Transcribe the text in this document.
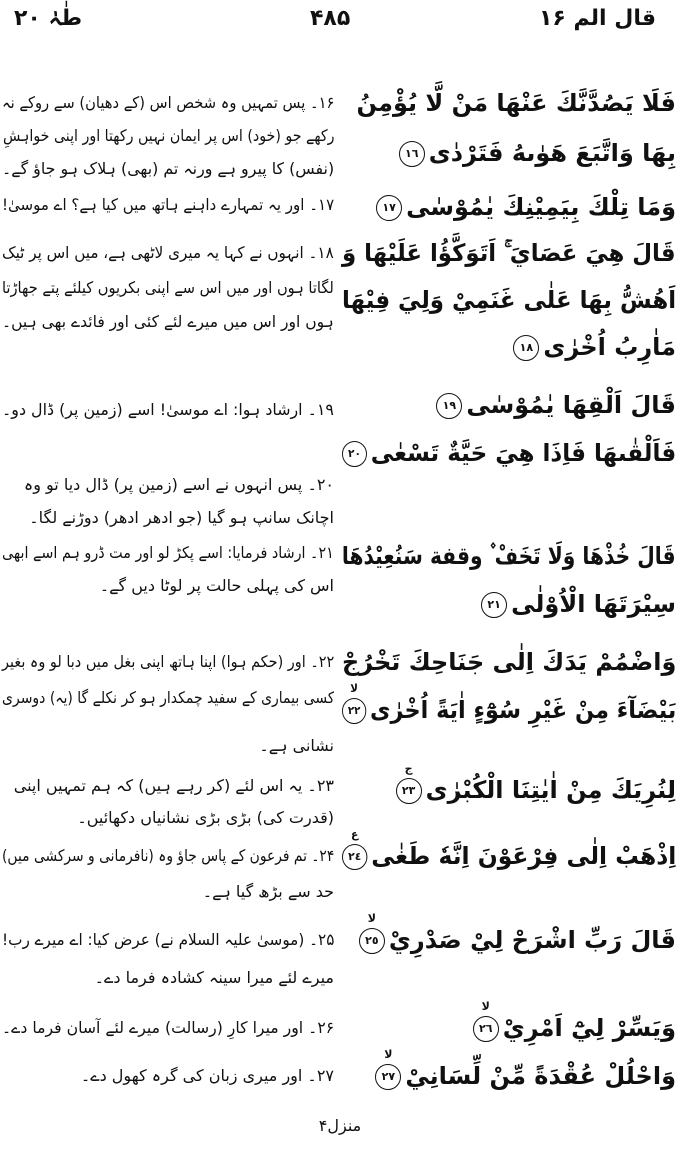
طٰہٰ ۲۰	۴۸۵	قال الم ۱۶
۱۶۔ پس تمہیں وہ شخص اس (کے دھیان) سے روکے نہ
رکھے جو (خود) اس پر ایمان نہیں رکھتا اور اپنی خواہشِ
(نفس) کا پیرو ہے ورنہ تم (بھی) ہلاک ہو جاؤ گے۔
۱۷۔ اور یہ تمہارے داہنے ہاتھ میں کیا ہے؟ اے موسیٰ!
۱۸۔ انہوں نے کہا یہ میری لاٹھی ہے، میں اس پر ٹیک
لگاتا ہوں اور میں اس سے اپنی بکریوں کیلئے پتے جھاڑتا
ہوں اور اس میں میرے لئے کئی اور فائدے بھی ہیں۔
۱۹۔ ارشاد ہوا: اے موسیٰ! اسے (زمین پر) ڈال دو۔
۲۰۔ پس انہوں نے اسے (زمین پر) ڈال دیا تو وہ
اچانک سانپ ہو گیا (جو ادھر ادھر) دوڑنے لگا۔
۲۱۔ ارشاد فرمایا: اسے پکڑ لو اور مت ڈرو ہم اسے ابھی
اس کی پہلی حالت پر لوٹا دیں گے۔
۲۲۔ اور (حکم ہوا) اپنا ہاتھ اپنی بغل میں دبا لو وہ بغیر
کسی بیماری کے سفید چمکدار ہو کر نکلے گا (یہ) دوسری
نشانی ہے۔
۲۳۔ یہ اس لئے (کر رہے ہیں) کہ ہم تمہیں اپنی
(قدرت کی) بڑی بڑی نشانیاں دکھائیں۔
۲۴۔ تم فرعون کے پاس جاؤ وہ (نافرمانی و سرکشی میں)
حد سے بڑھ گیا ہے۔
۲۵۔ (موسیٰ علیہ السلام نے) عرض کیا: اے میرے رب!
میرے لئے میرا سینہ کشادہ فرما دے۔
۲۶۔ اور میرا کارِ (رسالت) میرے لئے آسان فرما دے۔
۲۷۔ اور میری زبان کی گرہ کھول دے۔
فَلَا يَصُدَّنَّكَ عَنْهَا مَنْ لَّا يُؤْمِنُ
بِهَا وَاتَّبَعَ هَوٰىهُ فَتَرْدٰى١٦
وَمَا تِلْكَ بِيَمِيْنِكَ يٰمُوْسٰى١٧
قَالَ هِيَ عَصَايَ ۚ اَتَوَكَّؤُا عَلَيْهَا وَ
اَهُشُّ بِهَا عَلٰى غَنَمِيْ وَلِيَ فِيْهَا
مَاٰرِبُ اُخْرٰى١٨
قَالَ اَلْقِهَا يٰمُوْسٰى١٩
فَاَلْقٰىهَا فَاِذَا هِيَ حَيَّةٌ تَسْعٰى٢٠
قَالَ خُذْهَا وَلَا تَخَفْ ۫ وقفة سَنُعِيْدُهَا
سِيْرَتَهَا الْاُوْلٰى٢١
وَاضْمُمْ يَدَكَ اِلٰى جَنَاحِكَ تَخْرُجْ
بَيْضَآءَ مِنْ غَيْرِ سُوْٓءٍ اٰيَةً اُخْرٰى٢٢
لا
لِنُرِيَكَ مِنْ اٰيٰتِنَا الْكُبْرٰى٢٣
ج
اِذْهَبْ اِلٰى فِرْعَوْنَ اِنَّهٗ طَغٰى٢٤
ع
قَالَ رَبِّ اشْرَحْ لِيْ صَدْرِيْ٢٥
لا
وَيَسِّرْ لِيْٓ اَمْرِيْ٢٦
لا
وَاحْلُلْ عُقْدَةً مِّنْ لِّسَانِيْ٢٧
لا
منزل۴
